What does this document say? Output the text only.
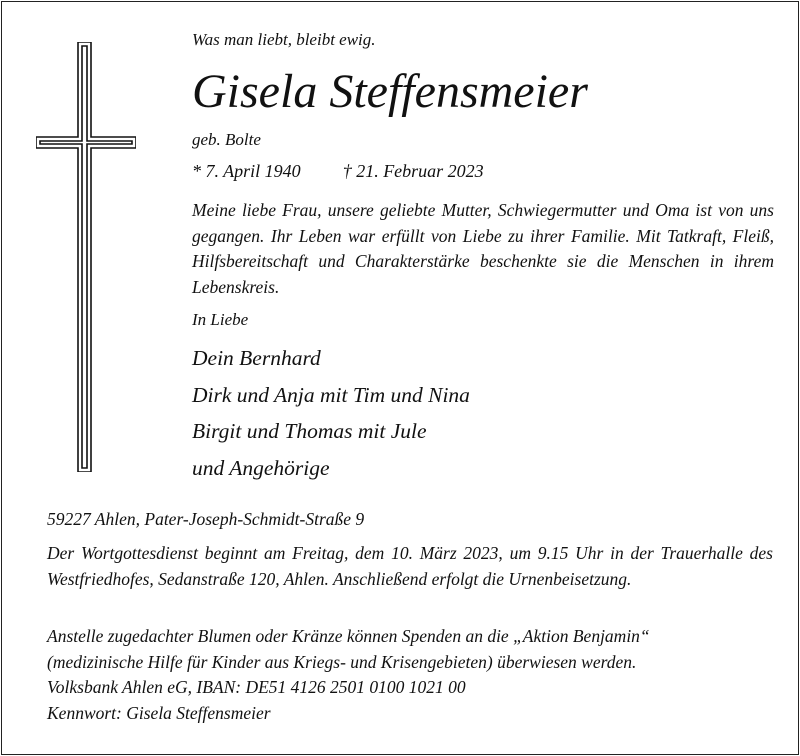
Was man liebt, bleibt ewig.
Gisela Steffensmeier
geb. Bolte
* 7. April 1940 † 21. Februar 2023
Meine liebe Frau, unsere geliebte Mutter, Schwiegermutter und Oma ist von uns gegangen. Ihr Leben war erfüllt von Liebe zu ihrer Familie. Mit Tatkraft, Fleiß, Hilfsbereitschaft und Charakterstärke beschenkte sie die Menschen in ihrem Lebenskreis.
In Liebe
Dein Bernhard
Dirk und Anja mit Tim und Nina
Birgit und Thomas mit Jule
und Angehörige
59227 Ahlen, Pater-Joseph-Schmidt-Straße 9
Der Wortgottesdienst beginnt am Freitag, dem 10. März 2023, um 9.15 Uhr in der Trauerhalle des Westfriedhofes, Sedanstraße 120, Ahlen. Anschließend erfolgt die Urnenbeisetzung.
Anstelle zugedachter Blumen oder Kränze können Spenden an die „Aktion Benjamin“
(medizinische Hilfe für Kinder aus Kriegs- und Krisengebieten) überwiesen werden.
Volksbank Ahlen eG, IBAN: DE51 4126 2501 0100 1021 00
Kennwort: Gisela Steffensmeier
